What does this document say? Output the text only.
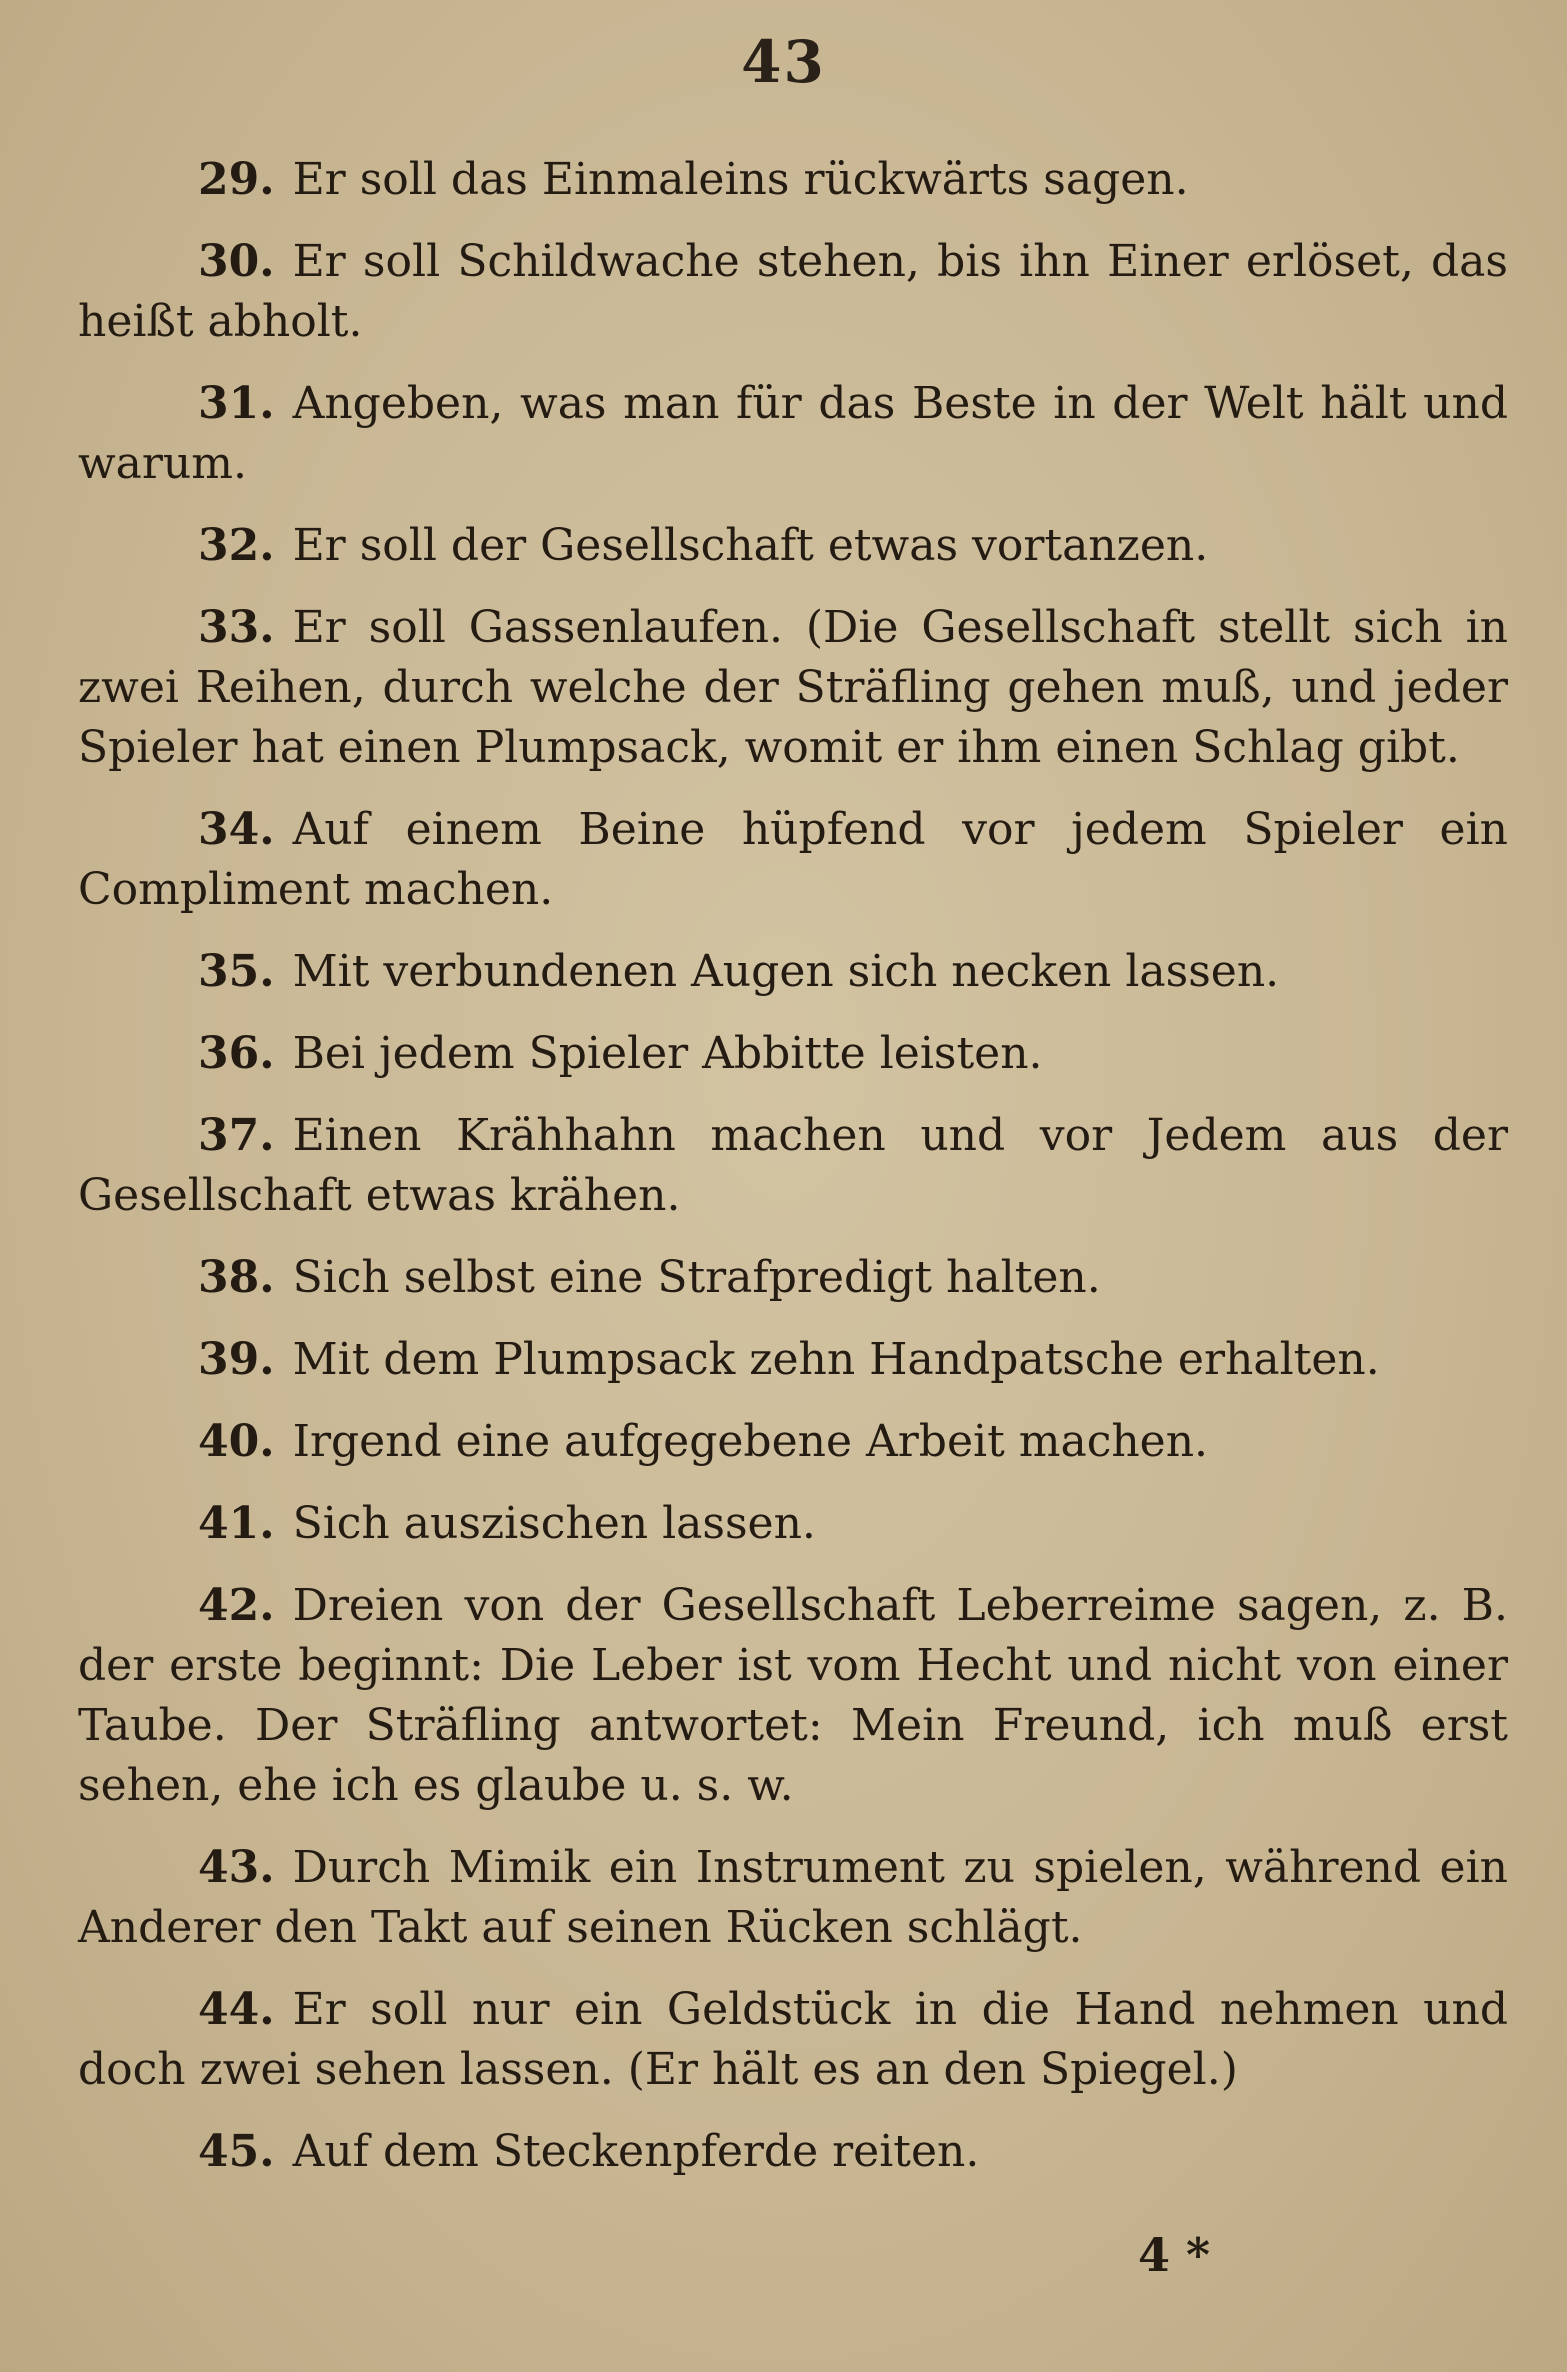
43

29. Er soll das Einmaleins rückwärts sagen.

30. Er soll Schildwache stehen, bis ihn Einer erlöset, das heißt abholt.

31. Angeben, was man für das Beste in der Welt hält und warum.

32. Er soll der Gesellschaft etwas vortanzen.

33. Er soll Gassenlaufen. (Die Gesellschaft stellt sich in zwei Reihen, durch welche der Sträfling gehen muß, und jeder Spieler hat einen Plumpsack, womit er ihm einen Schlag gibt.

34. Auf einem Beine hüpfend vor jedem Spieler ein Compliment machen.

35. Mit verbundenen Augen sich necken lassen.

36. Bei jedem Spieler Abbitte leisten.

37. Einen Krähhahn machen und vor Jedem aus der Gesellschaft etwas krähen.

38. Sich selbst eine Strafpredigt halten.

39. Mit dem Plumpsack zehn Handpatsche erhalten.

40. Irgend eine aufgegebene Arbeit machen.

41. Sich auszischen lassen.

42. Dreien von der Gesellschaft Leberreime sagen, z. B. der erste beginnt: Die Leber ist vom Hecht und nicht von einer Taube. Der Sträfling antwortet: Mein Freund, ich muß erst sehen, ehe ich es glaube u. s. w.

43. Durch Mimik ein Instrument zu spielen, während ein Anderer den Takt auf seinen Rücken schlägt.

44. Er soll nur ein Geldstück in die Hand nehmen und doch zwei sehen lassen. (Er hält es an den Spiegel.)

45. Auf dem Steckenpferde reiten.

4 *
